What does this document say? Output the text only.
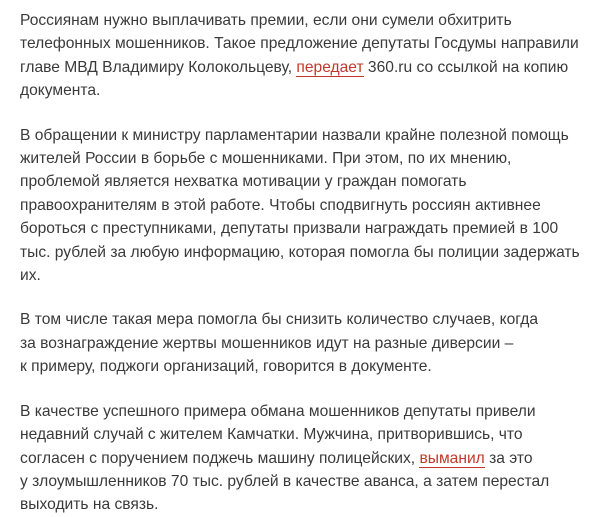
Россиянам нужно выплачивать премии, если они сумели обхитрить
телефонных мошенников. Такое предложение депутаты Госдумы направили
главе МВД Владимиру Колокольцеву, передает 360.ru со ссылкой на копию
документа.

В обращении к министру парламентарии назвали крайне полезной помощь
жителей России в борьбе с мошенниками. При этом, по их мнению,
проблемой является нехватка мотивации у граждан помогать
правоохранителям в этой работе. Чтобы сподвигнуть россиян активнее
бороться с преступниками, депутаты призвали награждать премией в 100
тыс. рублей за любую информацию, которая помогла бы полиции задержать
их.

В том числе такая мера помогла бы снизить количество случаев, когда
за вознаграждение жертвы мошенников идут на разные диверсии –
к примеру, поджоги организаций, говорится в документе.

В качестве успешного примера обмана мошенников депутаты привели
недавний случай с жителем Камчатки. Мужчина, притворившись, что
согласен с поручением поджечь машину полицейских, выманил за это
у злоумышленников 70 тыс. рублей в качестве аванса, а затем перестал
выходить на связь.
